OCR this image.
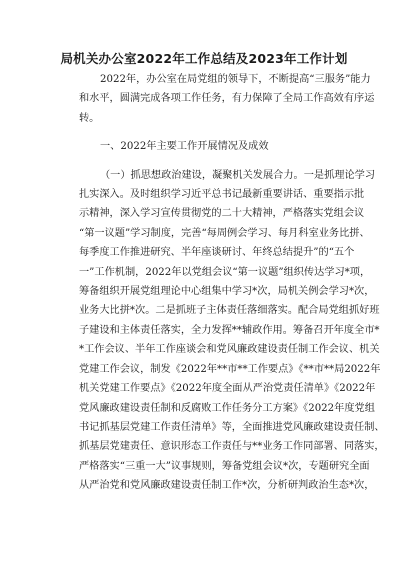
局机关办公室2022年工作总结及2023年工作计划
2022年，办公室在局党组的领导下，不断提高“三服务”能力
和水平，圆满完成各项工作任务，有力保障了全局工作高效有序运
转。
一、2022年主要工作开展情况及成效
（一）抓思想政治建设，凝聚机关发展合力。一是抓理论学习
扎实深入。及时组织学习近平总书记最新重要讲话、重要指示批
示精神，深入学习宣传贯彻党的二十大精神，严格落实党组会议
“第一议题”学习制度，完善“每周例会学习、每月科室业务比拼、
每季度工作推进研究、半年座谈研讨、年终总结提升”的“五个
一”工作机制，2022年以党组会议“第一议题”组织传达学习*项，
筹备组织开展党组理论中心组集中学习*次，局机关例会学习*次，
业务大比拼*次。二是抓班子主体责任落细落实。配合局党组抓好班
子建设和主体责任落实，全力发挥**辅政作用。筹备召开年度全市*
*工作会议、半年工作座谈会和党风廉政建设责任制工作会议、机关
党建工作会议，制发《2022年**市**工作要点》《**市**局2022年
机关党建工作要点》《2022年度全面从严治党责任清单》《2022年
党风廉政建设责任制和反腐败工作任务分工方案》《2022年度党组
书记抓基层党建工作责任清单》等，全面推进党风廉政建设责任制、
抓基层党建责任、意识形态工作责任与**业务工作同部署、同落实，
严格落实“三重一大”议事规则，筹备党组会议*次，专题研究全面
从严治党和党风廉政建设责任制工作*次，分析研判政治生态*次，
